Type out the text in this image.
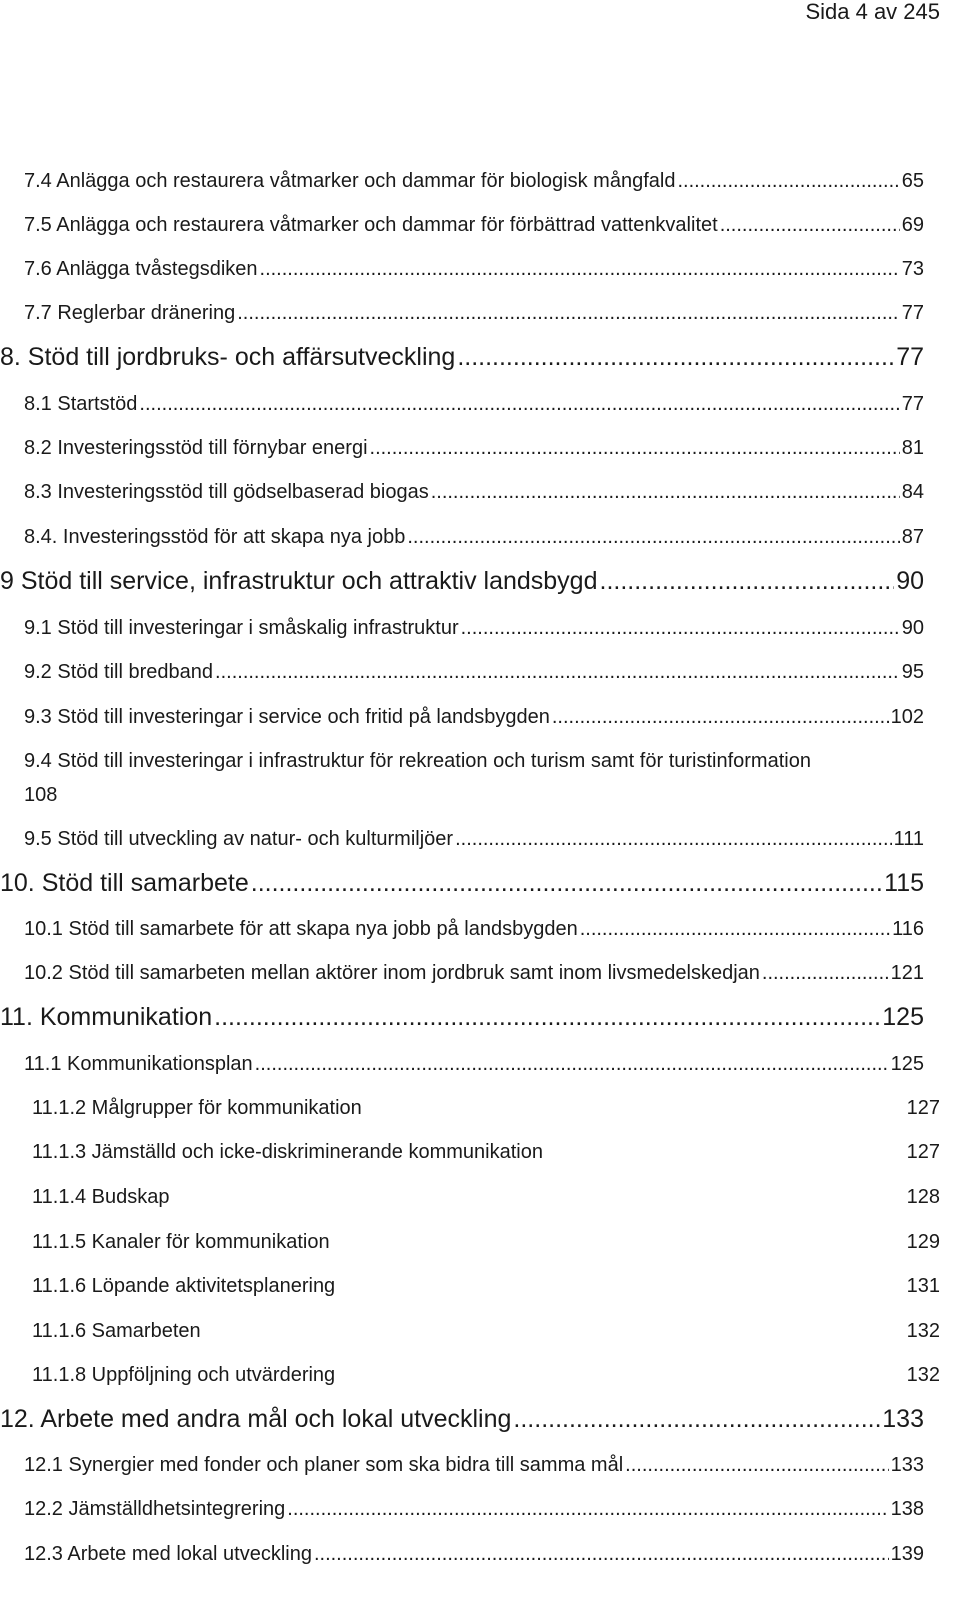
Sida 4 av 245
7.4 Anlägga och restaurera våtmarker och dammar för biologisk mångfald .....	65
7.5 Anlägga och restaurera våtmarker och dammar för förbättrad vattenkvalitet .....	69
7.6 Anlägga tvåstegsdiken .....	73
7.7 Reglerbar dränering .....	77
8. Stöd till jordbruks- och affärsutveckling .....	77
8.1 Startstöd .....	77
8.2 Investeringsstöd till förnybar energi .....	81
8.3 Investeringsstöd till gödselbaserad biogas .....	84
8.4. Investeringsstöd för att skapa nya jobb .....	87
9 Stöd till service, infrastruktur och attraktiv landsbygd .....	90
9.1 Stöd till investeringar i småskalig infrastruktur .....	90
9.2 Stöd till bredband .....	95
9.3 Stöd till investeringar i service och fritid på landsbygden .....	102
9.4 Stöd till investeringar i infrastruktur för rekreation och turism samt för turistinformation
108
9.5 Stöd till utveckling av natur- och kulturmiljöer .....	111
10. Stöd till samarbete .....	115
10.1 Stöd till samarbete för att skapa nya jobb på landsbygden .....	116
10.2 Stöd till samarbeten mellan aktörer inom jordbruk samt inom livsmedelskedjan .....	121
11. Kommunikation .....	125
11.1 Kommunikationsplan .....	125
11.1.2 Målgrupper för kommunikation	127
11.1.3 Jämställd och icke-diskriminerande kommunikation	127
11.1.4 Budskap	128
11.1.5 Kanaler för kommunikation	129
11.1.6 Löpande aktivitetsplanering	131
11.1.6 Samarbeten	132
11.1.8 Uppföljning och utvärdering	132
12. Arbete med andra mål och lokal utveckling .....	133
12.1 Synergier med fonder och planer som ska bidra till samma mål .....	133
12.2 Jämställdhetsintegrering .....	138
12.3 Arbete med lokal utveckling .....	139
